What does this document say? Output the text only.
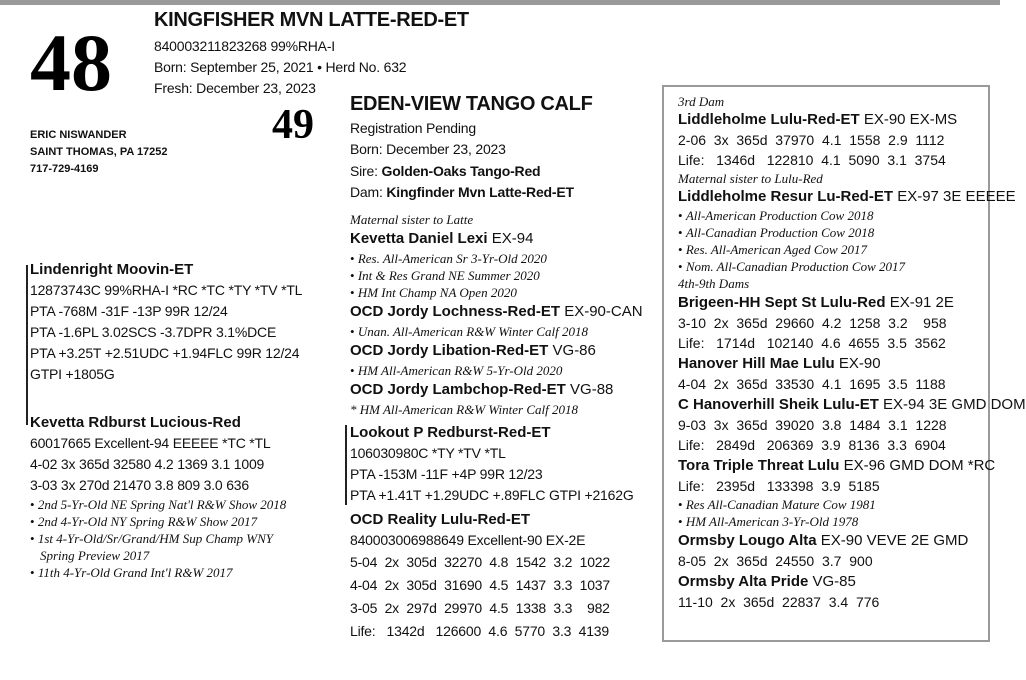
48 KINGFISHER MVN LATTE-RED-ET
840003211823268 99%RHA-I
Born: September 25, 2021 • Herd No. 632
Fresh: December 23, 2023
ERIC NISWANDER
SAINT THOMAS, PA 17252
717-729-4169
49 EDEN-VIEW TANGO CALF
Registration Pending
Born: December 23, 2023
Sire: Golden-Oaks Tango-Red
Dam: Kingfinder Mvn Latte-Red-ET
Lindenright Moovin-ET
12873743C 99%RHA-I *RC *TC *TY *TV *TL
PTA -768M -31F -13P 99R 12/24
PTA -1.6PL 3.02SCS -3.7DPR 3.1%DCE
PTA +3.25T +2.51UDC +1.94FLC 99R 12/24
GTPI +1805G
Kevetta Rdburst Lucious-Red
60017665 Excellent-94 EEEEE *TC *TL
4-02 3x 365d 32580 4.2 1369 3.1 1009
3-03 3x 270d 21470 3.8 809 3.0 636
• 2nd 5-Yr-Old NE Spring Nat'l R&W Show 2018
• 2nd 4-Yr-Old NY Spring R&W Show 2017
• 1st 4-Yr-Old/Sr/Grand/HM Sup Champ WNY
Spring Preview 2017
• 11th 4-Yr-Old Grand Int'l R&W 2017
Maternal sister to Latte
Kevetta Daniel Lexi EX-94
• Res. All-American Sr 3-Yr-Old 2020
• Int & Res Grand NE Summer 2020
• HM Int Champ NA Open 2020
OCD Jordy Lochness-Red-ET EX-90-CAN
• Unan. All-American R&W Winter Calf 2018
OCD Jordy Libation-Red-ET VG-86
• HM All-American R&W 5-Yr-Old 2020
OCD Jordy Lambchop-Red-ET VG-88
* HM All-American R&W Winter Calf 2018
Lookout P Redburst-Red-ET
106030980C *TY *TV *TL
PTA -153M -11F +4P 99R 12/23
PTA +1.41T +1.29UDC +.89FLC GTPI +2162G
OCD Reality Lulu-Red-ET
840003006988649 Excellent-90 EX-2E
5-04  2x  305d  32270  4.8  1542  3.2  1022
4-04  2x  305d  31690  4.5  1437  3.3  1037
3-05  2x  297d  29970  4.5  1338  3.3    982
Life:   1342d   126600  4.6  5770  3.3  4139
3rd Dam
Liddleholme Lulu-Red-ET EX-90 EX-MS
2-06  3x  365d  37970  4.1  1558  2.9  1112
Life:   1346d   122810  4.1  5090  3.1  3754
Maternal sister to Lulu-Red
Liddleholme Resur Lu-Red-ET EX-97 3E EEEEE
• All-American Production Cow 2018
• All-Canadian Production Cow 2018
• Res. All-American Aged Cow 2017
• Nom. All-Canadian Production Cow 2017
4th-9th Dams
Brigeen-HH Sept St Lulu-Red EX-91 2E
3-10  2x  365d  29660  4.2  1258  3.2    958
Life:   1714d   102140  4.6  4655  3.5  3562
Hanover Hill Mae Lulu EX-90
4-04  2x  365d  33530  4.1  1695  3.5  1188
C Hanoverhill Sheik Lulu-ET EX-94 3E GMD DOM
9-03  3x  365d  39020  3.8  1484  3.1  1228
Life:   2849d   206369  3.9  8136  3.3  6904
Tora Triple Threat Lulu EX-96 GMD DOM *RC
Life:   2395d   133398  3.9  5185
• Res All-Canadian Mature Cow 1981
• HM All-American 3-Yr-Old 1978
Ormsby Lougo Alta EX-90 VEVE 2E GMD
8-05  2x  365d  24550  3.7  900
Ormsby Alta Pride VG-85
11-10  2x  365d  22837  3.4  776
